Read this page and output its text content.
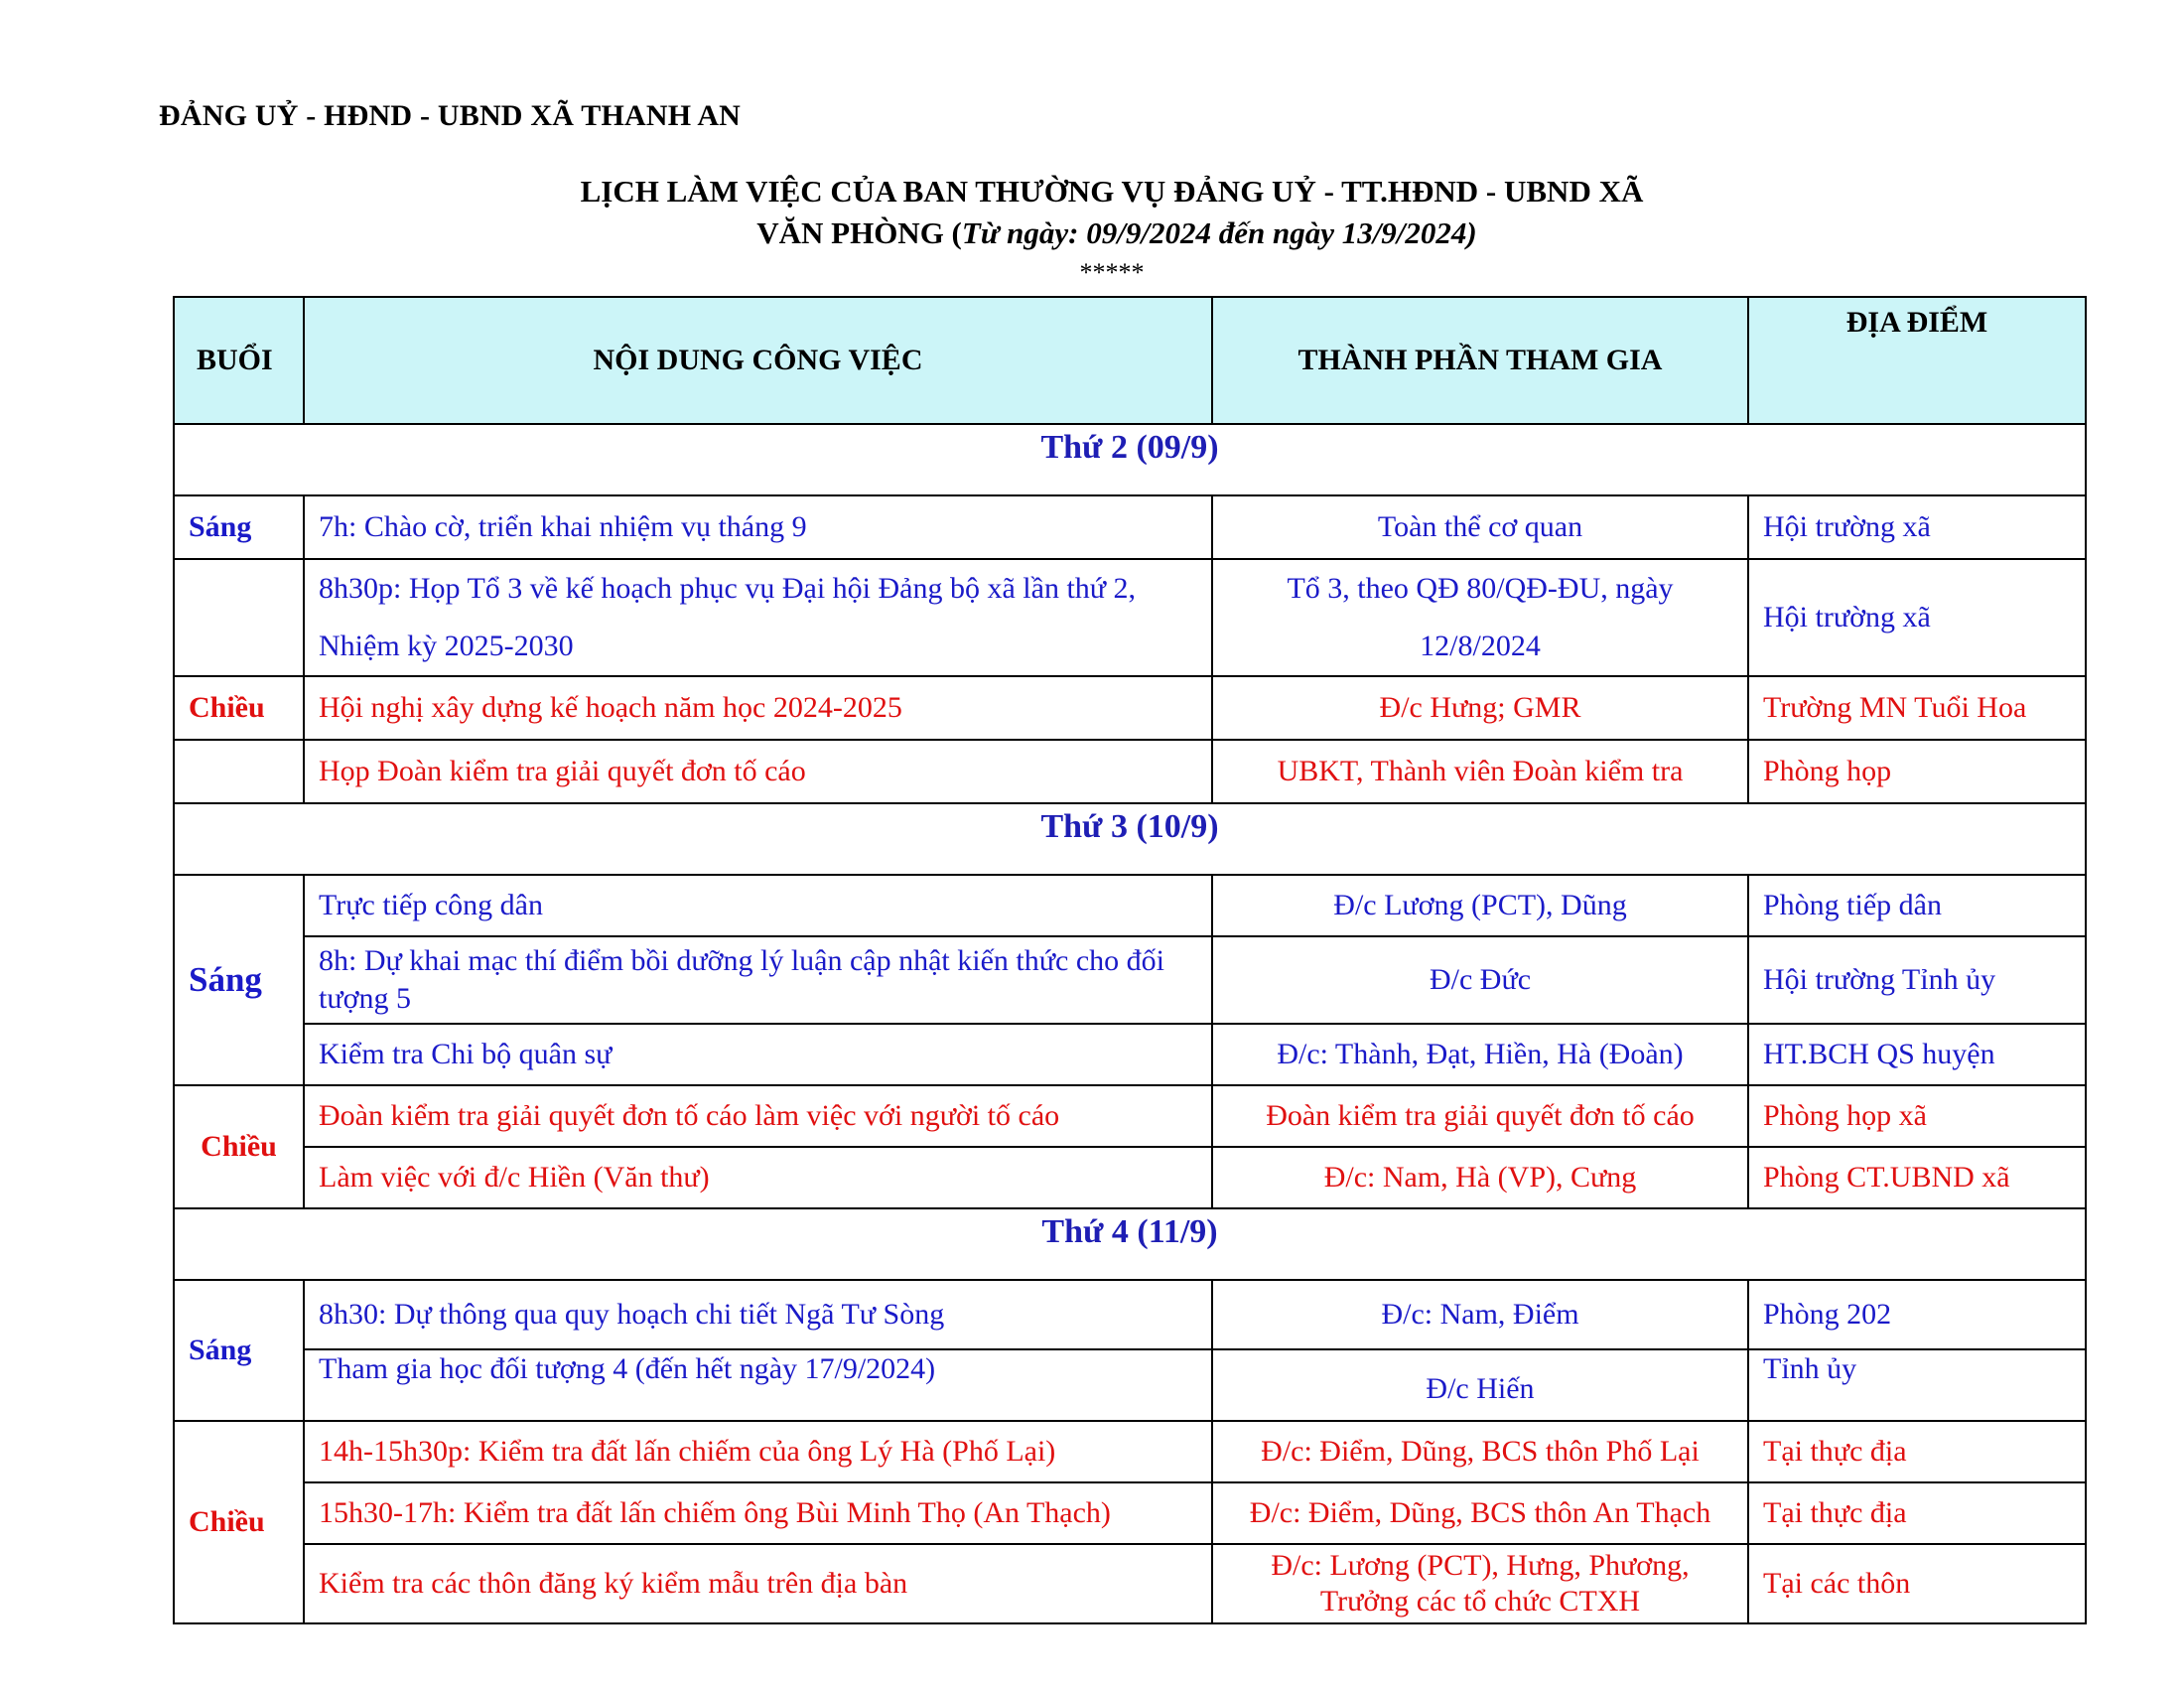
ĐẢNG UỶ - HĐND - UBND XÃ THANH AN
LỊCH LÀM VIỆC CỦA BAN THƯỜNG VỤ ĐẢNG UỶ - TT.HĐND - UBND XÃ
VĂN PHÒNG (Từ ngày: 09/9/2024 đến ngày 13/9/2024)
*****
BUỔI	NỘI DUNG CÔNG VIỆC	THÀNH PHẦN THAM GIA	ĐỊA ĐIỂM
Thứ 2 (09/9)			
Sáng	7h: Chào cờ, triển khai nhiệm vụ tháng 9	Toàn thể cơ quan	Hội trường xã
	8h30p: Họp Tổ 3 về kế hoạch phục vụ Đại hội Đảng bộ xã lần thứ 2, Nhiệm kỳ 2025-2030	Tổ 3, theo QĐ 80/QĐ-ĐU, ngày 12/8/2024	Hội trường xã
Chiều	Hội nghị xây dựng kế hoạch năm học 2024-2025	Đ/c Hưng; GMR	Trường MN Tuổi Hoa
	Họp Đoàn kiểm tra giải quyết đơn tố cáo	UBKT, Thành viên Đoàn kiểm tra	Phòng họp
Thứ 3 (10/9)			
Sáng	Trực tiếp công dân	Đ/c Lương (PCT), Dũng	Phòng tiếp dân
	8h: Dự khai mạc thí điểm bồi dưỡng lý luận cập nhật kiến thức cho đối tượng 5	Đ/c Đức	Hội trường Tỉnh ủy
	Kiểm tra Chi bộ quân sự	Đ/c: Thành, Đạt, Hiền, Hà (Đoàn)	HT.BCH QS huyện
Chiều	Đoàn kiểm tra giải quyết đơn tố cáo làm việc với người tố cáo	Đoàn kiểm tra giải quyết đơn tố cáo	Phòng họp xã
	Làm việc với đ/c Hiền (Văn thư)	Đ/c: Nam, Hà (VP), Cưng	Phòng CT.UBND xã
Thứ 4 (11/9)			
Sáng	8h30: Dự thông qua quy hoạch chi tiết Ngã Tư Sòng	Đ/c: Nam, Điểm	Phòng 202
	Tham gia học đối tượng 4 (đến hết ngày 17/9/2024)	Đ/c Hiến	Tỉnh ủy
Chiều	14h-15h30p: Kiểm tra đất lấn chiếm của ông Lý Hà (Phố Lại)	Đ/c: Điểm, Dũng, BCS thôn Phố Lại	Tại thực địa
	15h30-17h: Kiểm tra đất lấn chiếm ông Bùi Minh Thọ (An Thạch)	Đ/c: Điểm, Dũng, BCS thôn An Thạch	Tại thực địa
	Kiểm tra các thôn đăng ký kiểm mẫu trên địa bàn	Đ/c: Lương (PCT), Hưng, Phương, Trưởng các tổ chức CTXH	Tại các thôn
